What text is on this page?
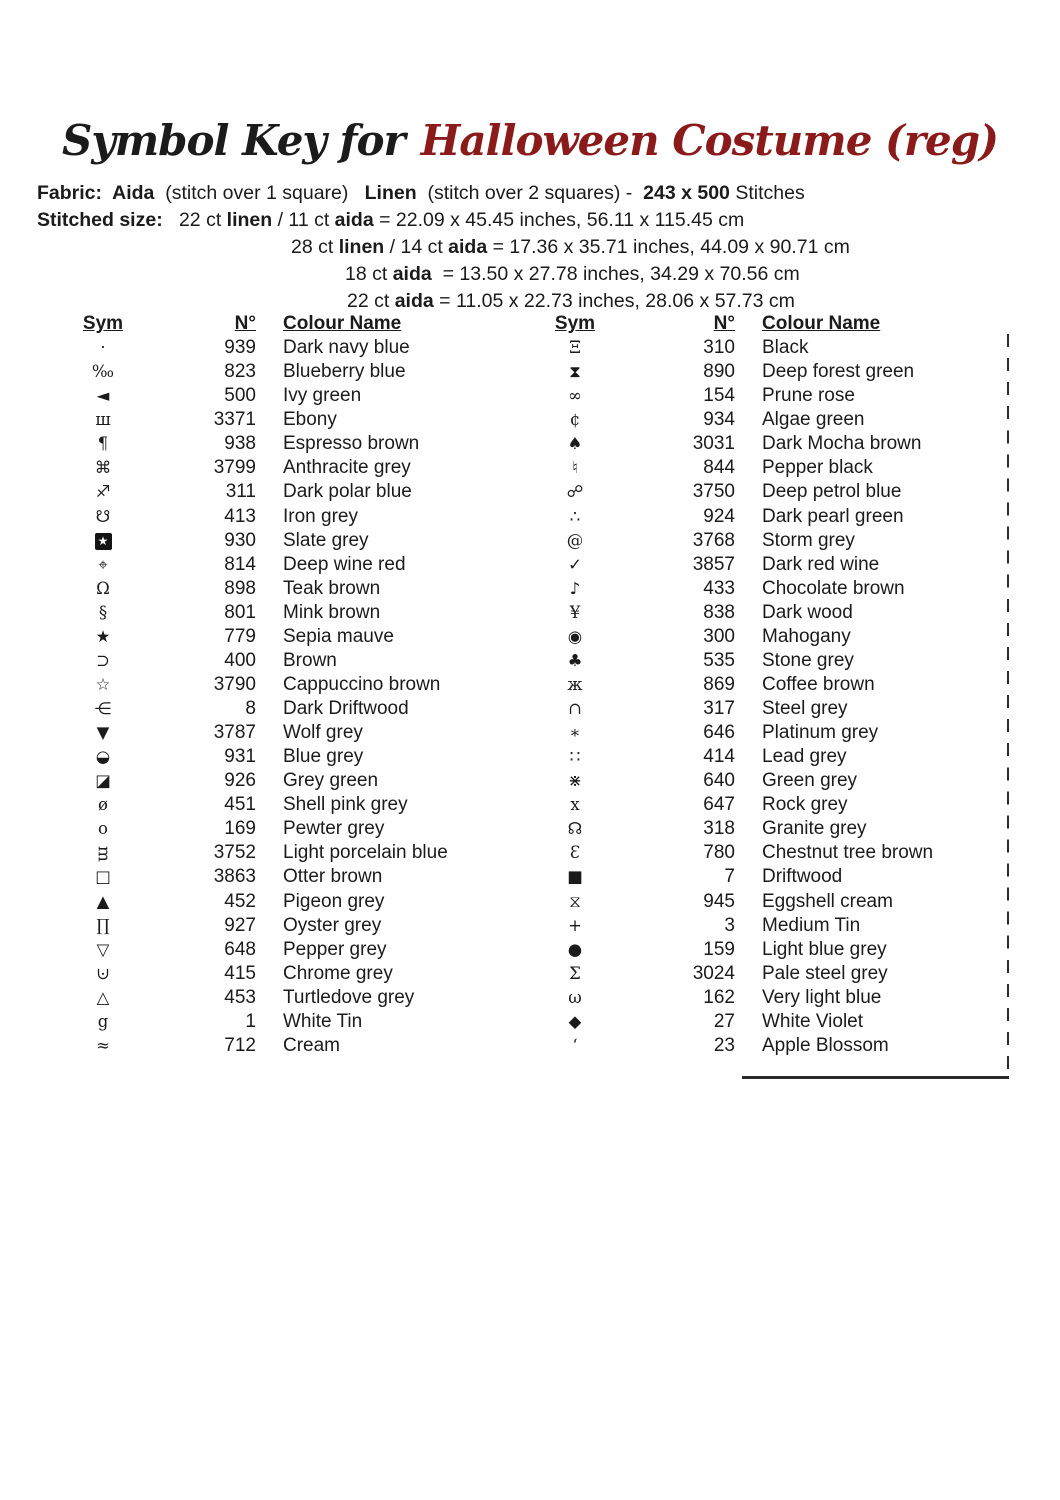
Symbol Key for Halloween Costume (reg)
Fabric:  Aida  (stitch over 1 square)   Linen  (stitch over 2 squares) -  243 x 500 Stitches
Stitched size:   22 ct linen / 11 ct aida = 22.09 x 45.45 inches, 56.11 x 115.45 cm
28 ct linen / 14 ct aida = 17.36 x 35.71 inches, 44.09 x 90.71 cm
18 ct aida  = 13.50 x 27.78 inches, 34.29 x 70.56 cm
22 ct aida = 11.05 x 22.73 inches, 28.06 x 57.73 cm
Sym	N°	Colour Name
·	939	Dark navy blue
‰	823	Blueberry blue
◄	500	Ivy green
ш	3371	Ebony
¶	938	Espresso brown
⌘	3799	Anthracite grey
♐	311	Dark polar blue
☋	413	Iron grey
★	930	Slate grey
⌖	814	Deep wine red
Ω	898	Teak brown
§	801	Mink brown
★	779	Sepia mauve
⊃	400	Brown
☆	3790	Cappuccino brown
⋲	8	Dark Driftwood
▼	3787	Wolf grey
◒	931	Blue grey
◪	926	Grey green
ø	451	Shell pink grey
o	169	Pewter grey
ᴟ	3752	Light porcelain blue
□	3863	Otter brown
▲	452	Pigeon grey
∏	927	Oyster grey
▽	648	Pepper grey
⊍	415	Chrome grey
△	453	Turtledove grey
g	1	White Tin
≈	712	Cream
Sym	N°	Colour Name
Ξ	310	Black
⧗	890	Deep forest green
∞	154	Prune rose
¢	934	Algae green
♠	3031	Dark Mocha brown
♮	844	Pepper black
☍	3750	Deep petrol blue
∴	924	Dark pearl green
@	3768	Storm grey
✓	3857	Dark red wine
♪	433	Chocolate brown
¥	838	Dark wood
◉	300	Mahogany
♣	535	Stone grey
ж	869	Coffee brown
∩	317	Steel grey
∗	646	Platinum grey
∷	414	Lead grey
⋇	640	Green grey
x	647	Rock grey
☊	318	Granite grey
Ɛ	780	Chestnut tree brown
■	7	Driftwood
⧖	945	Eggshell cream
+	3	Medium Tin
●	159	Light blue grey
Σ	3024	Pale steel grey
ω	162	Very light blue
◆	27	White Violet
‘	23	Apple Blossom
